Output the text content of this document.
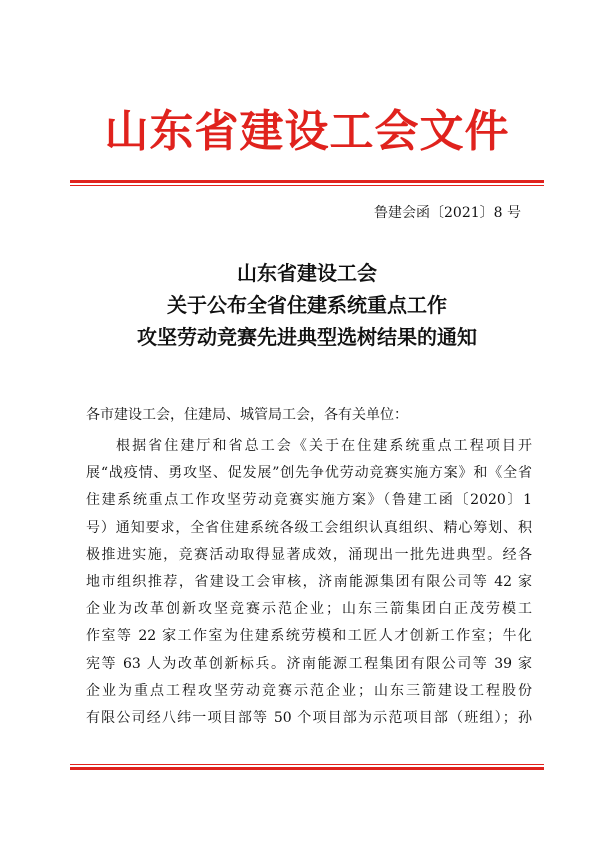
山东省建设工会文件
鲁建会函〔2021〕8 号
山东省建设工会
关于公布全省住建系统重点工作
攻坚劳动竞赛先进典型选树结果的通知
各市建设工会，住建局、城管局工会，各有关单位：
根据省住建厅和省总工会《关于在住建系统重点工程项目开
展“战疫情、勇攻坚、促发展”创先争优劳动竞赛实施方案》和《全省
住建系统重点工作攻坚劳动竞赛实施方案》（鲁建工函〔2020〕1
号）通知要求，全省住建系统各级工会组织认真组织、精心筹划、积
极推进实施，竞赛活动取得显著成效，涌现出一批先进典型。经各
地市组织推荐，省建设工会审核，济南能源集团有限公司等 42 家
企业为改革创新攻坚竞赛示范企业；山东三箭集团白正茂劳模工
作室等 22 家工作室为住建系统劳模和工匠人才创新工作室；牛化
宪等 63 人为改革创新标兵。济南能源工程集团有限公司等 39 家
企业为重点工程攻坚劳动竞赛示范企业；山东三箭建设工程股份
有限公司经八纬一项目部等 50 个项目部为示范项目部（班组）；孙
